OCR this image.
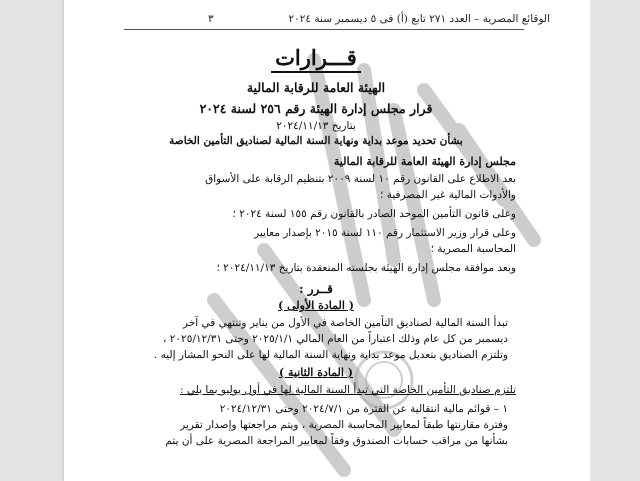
الوقائع المصرية – العدد ٢٧١ تابع (أ) فى ٥ ديسمبر سنة ٢٠٢٤
٣
قـــرارات
الهيئة العامة للرقابة المالية
قرار مجلس إدارة الهيئة رقم ٢٥٦ لسنة ٢٠٢٤
بتاريخ ٢٠٢٤/١١/١٣
بشأن تحديد موعد بداية ونهاية السنة المالية لصناديق التأمين الخاصة
مجلس إدارة الهيئة العامة للرقابة المالية
بعد الاطلاع على القانون رقم ١٠ لسنة ٢٠٠٩ بتنظيم الرقابة على الأسواق
والأدوات المالية غير المصرفية ؛
وعلى قانون التأمين الموحد الصادر بالقانون رقم ١٥٥ لسنة ٢٠٢٤ ؛
وعلى قرار وزير الاستثمار رقم ١١٠ لسنة ٢٠١٥ بإصدار معايير
المحاسبة المصرية ؛
وبعد موافقة مجلس إدارة الهيئة بجلسته المنعقدة بتاريخ ٢٠٢٤/١١/١٣ ؛
قــرر :
( المادة الأولى )
تبدأ السنة المالية لصناديق التأمين الخاصة في الأول من يناير وتنتهي في آخر
ديسمبر من كل عام وذلك اعتباراً من العام المالي ٢٠٢٥/١/١ وحتى ٢٠٢٥/١٢/٣١ ،
وتلتزم الصناديق بتعديل موعد بداية ونهاية السنة المالية لها على النحو المشار إليه .
( المادة الثانية )
تلتزم صناديق التأمين الخاصة التي تبدأ السنة المالية لها في أول يوليو بما يلي :
١ – قوائم مالية انتقالية عن الفترة من ٢٠٢٤/٧/١ وحتى ٢٠٢٤/١٢/٣١
وفترة مقارنتها طبقاً لمعايير المحاسبة المصرية ، ويتم مراجعتها وإصدار تقرير
بشأنها من مراقب حسابات الصندوق وفقاً لمعايير المراجعة المصرية على أن يتم
